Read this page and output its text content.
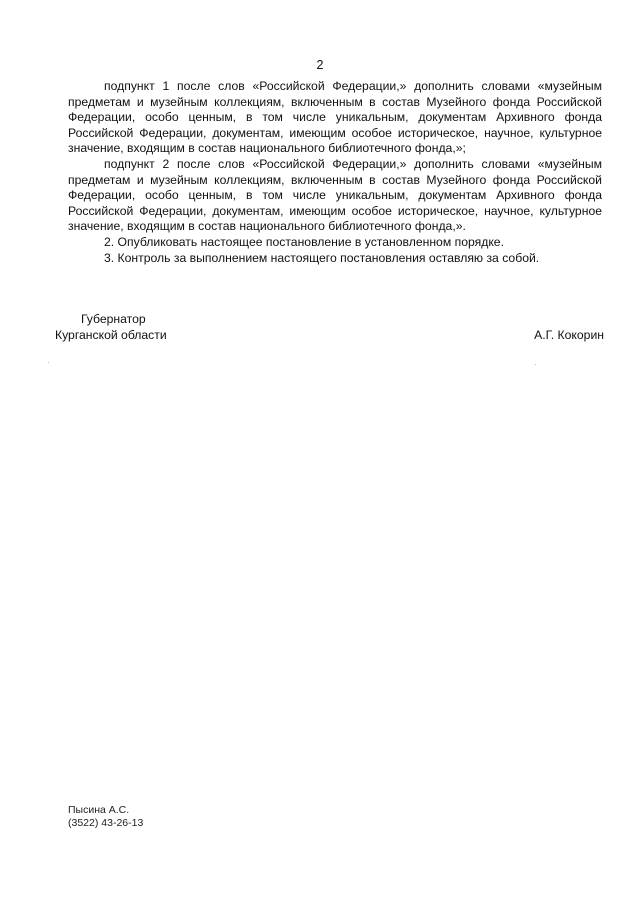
2

подпункт 1 после слов «Российской Федерации,» дополнить словами «музейным предметам и музейным коллекциям, включенным в состав Музейного фонда Российской Федерации, особо ценным, в том числе уникальным, документам Архивного фонда Российской Федерации, документам, имеющим особое историческое, научное, культурное значение, входящим в состав национального библиотечного фонда,»;

подпункт 2 после слов «Российской Федерации,» дополнить словами «музейным предметам и музейным коллекциям, включенным в состав Музейного фонда Российской Федерации, особо ценным, в том числе уникальным, документам Архивного фонда Российской Федерации, документам, имеющим особое историческое, научное, культурное значение, входящим в состав национального библиотечного фонда,».

2. Опубликовать настоящее постановление в установленном порядке.

3. Контроль за выполнением настоящего постановления оставляю за собой.

Губернатор
Курганской области	А.Г. Кокорин
Пысина А.С.
(3522) 43-26-13
